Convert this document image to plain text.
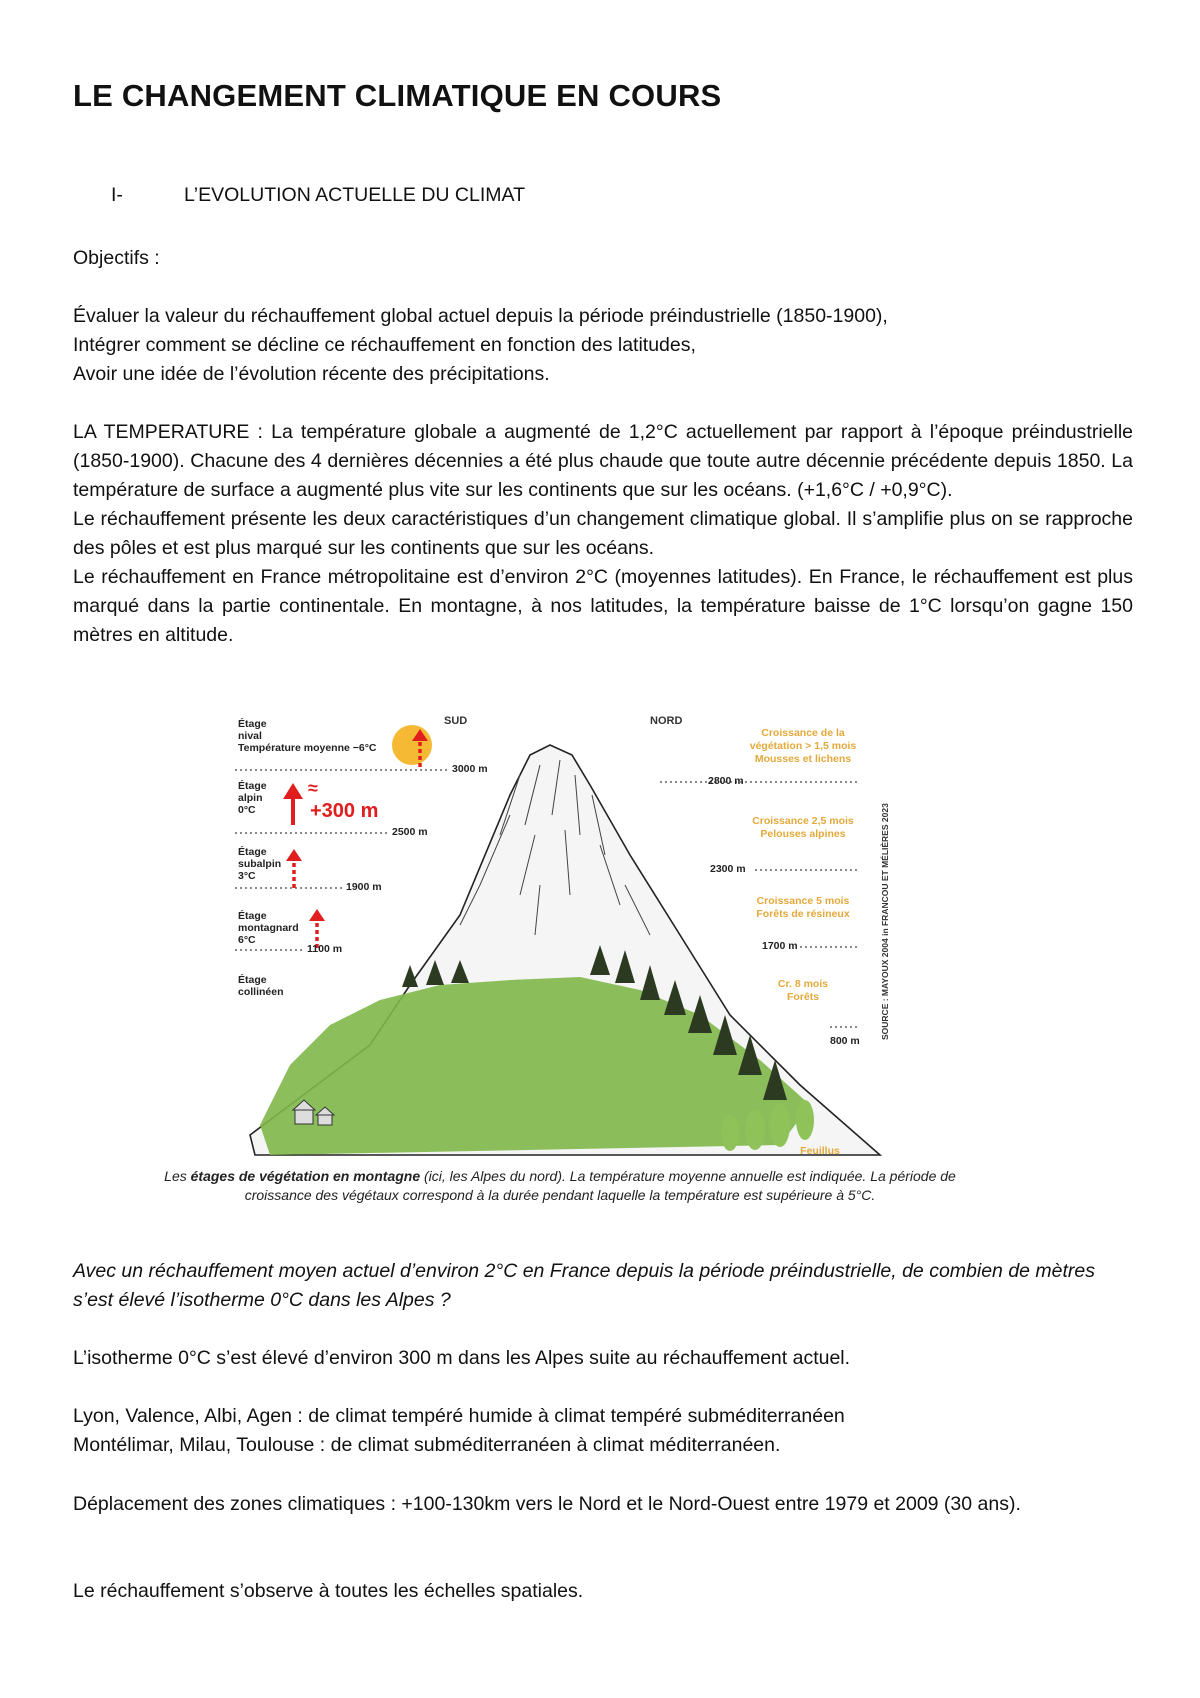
LE CHANGEMENT CLIMATIQUE EN COURS
I-	L’EVOLUTION ACTUELLE DU CLIMAT

Objectifs :

Évaluer la valeur du réchauffement global actuel depuis la période préindustrielle (1850-1900),
Intégrer comment se décline ce réchauffement en fonction des latitudes,
Avoir une idée de l’évolution récente des précipitations.

LA TEMPERATURE : La température globale a augmenté de 1,2°C actuellement par rapport à l’époque préindustrielle (1850-1900). Chacune des 4 dernières décennies a été plus chaude que toute autre décennie précédente depuis 1850. La température de surface a augmenté plus vite sur les continents que sur les océans. (+1,6°C / +0,9°C).

Le réchauffement présente les deux caractéristiques d’un changement climatique global. Il s’amplifie plus on se rapproche des pôles et est plus marqué sur les continents que sur les océans.

Le réchauffement en France métropolitaine est d’environ 2°C (moyennes latitudes). En France, le réchauffement est plus marqué dans la partie continentale. En montagne, à nos latitudes, la température baisse de 1°C lorsqu’on gagne 150 mètres en altitude.

Avec un réchauffement moyen actuel d’environ 2°C en France depuis la période préindustrielle, de combien de mètres s’est élevé l’isotherme 0°C dans les Alpes ?

L’isotherme 0°C s’est élevé d’environ 300 m dans les Alpes suite au réchauffement actuel.

Lyon, Valence, Albi, Agen : de climat tempéré humide à climat tempéré subméditerranéen
Montélimar, Milau, Toulouse : de climat subméditerranéen à climat méditerranéen.

Déplacement des zones climatiques : +100-130km vers le Nord et le Nord-Ouest entre 1979 et 2009 (30 ans).

Le réchauffement s’observe à toutes les échelles spatiales.

Étage
nival
Température moyenne −6°C
Étage
alpin
0°C
Étage
subalpin
3°C
Étage
montagnard
6°C
Étage
collinéen
SUD	NORD
3000 m
2500 m
1900 m
1100 m
2800 m
2300 m
1700 m
800 m
Croissance de la
végétation > 1,5 mois
Mousses et lichens
Croissance 2,5 mois
Pelouses alpines
Croissance 5 mois
Forêts de résineux
Cr. 8 mois
Forêts
Feuillus
≈
+300 m	SOURCE : MAYOUX 2004 in FRANCOU ET MÉLIÈRES 2023
Les étages de végétation en montagne (ici, les Alpes du nord). La température moyenne annuelle est indiquée. La période de croissance des végétaux correspond à la durée pendant laquelle la température est supérieure à 5°C.
